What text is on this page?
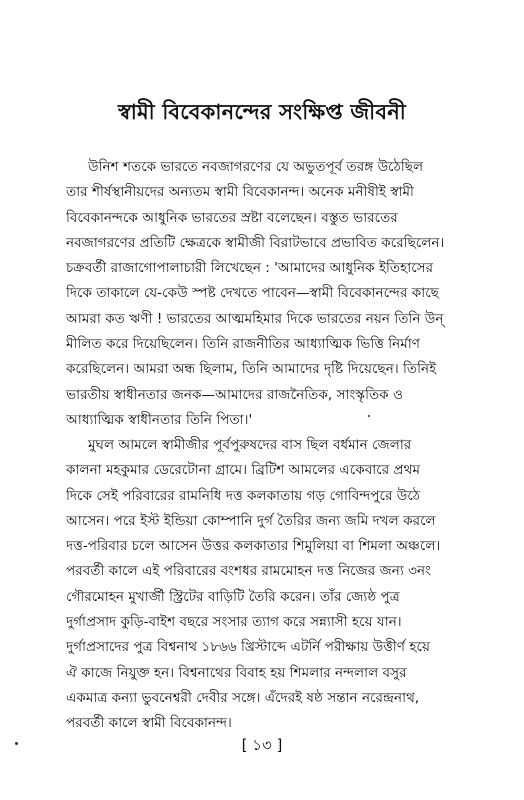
স্বামী বিবেকানন্দের সংক্ষিপ্ত জীবনী
উনিশ শতকে ভারতে নবজাগরণের যে অভুতপূর্ব তরঙ্গ উঠেছিল
তার শীর্ষস্থানীয়দের অন্যতম স্বামী বিবেকানন্দ। অনেক মনীষীই স্বামী
বিবেকানন্দকে আধুনিক ভারতের স্রষ্টা বলেছেন। বস্তুত ভারতের
নবজাগরণের প্রতিটি ক্ষেত্রকে স্বামীজী বিরাটভাবে প্রভাবিত করেছিলেন।
চক্রবর্তী রাজাগোপালাচারী লিখেছেন : 'আমাদের আধুনিক ইতিহাসের
দিকে তাকালে যে-কেউ স্পষ্ট দেখতে পাবেন—স্বামী বিবেকানন্দের কাছে
আমরা কত ঋণী ! ভারতের আত্মমহিমার দিকে ভারতের নয়ন তিনি উন্
মীলিত করে দিয়েছিলেন। তিনি রাজনীতির আধ্যাত্মিক ভিত্তি নির্মাণ
করেছিলেন। আমরা অন্ধ ছিলাম, তিনি আমাদের দৃষ্টি দিয়েছেন। তিনিই
ভারতীয় স্বাধীনতার জনক—আমাদের রাজনৈতিক, সাংস্কৃতিক ও
আধ্যাত্মিক স্বাধীনতার তিনি পিতা।'
মুঘল আমলে স্বামীজীর পূর্বপুরুষদের বাস ছিল বর্ধমান জেলার
কালনা মহকুমার ডেরেটোনা গ্রামে। ব্রিটিশ আমলের একেবারে প্রথম
দিকে সেই পরিবারের রামনিধি দত্ত কলকাতায় গড় গোবিন্দপুরে উঠে
আসেন। পরে ইস্ট ইন্ডিয়া কোম্পানি দুর্গ তৈরির জন্য জমি দখল করলে
দত্ত-পরিবার চলে আসেন উত্তর কলকাতার শিমুলিয়া বা শিমলা অঞ্চলে।
পরবর্তী কালে এই পরিবারের বংশধর রামমোহন দত্ত নিজের জন্য ৩নং
গৌরমোহন মুখার্জী স্ট্রিটের বাড়িটি তৈরি করেন। তাঁর জ্যেষ্ঠ পুত্র
দুর্গাপ্রসাদ কুড়ি-বাইশ বছরে সংসার ত্যাগ করে সন্ন্যাসী হয়ে যান।
দুর্গাপ্রসাদের পুত্র বিশ্বনাথ ১৮৬৬ খ্রিস্টাব্দে এটর্নি পরীক্ষায় উত্তীর্ণ হয়ে
ঐ কাজে নিযুক্ত হন। বিশ্বনাথের বিবাহ হয় শিমলার নন্দলাল বসুর
একমাত্র কন্যা ভুবনেশ্বরী দেবীর সঙ্গে। এঁদেরই ষষ্ঠ সন্তান নরেন্দ্রনাথ,
পরবর্তী কালে স্বামী বিবেকানন্দ।
[ ১৩ ]
